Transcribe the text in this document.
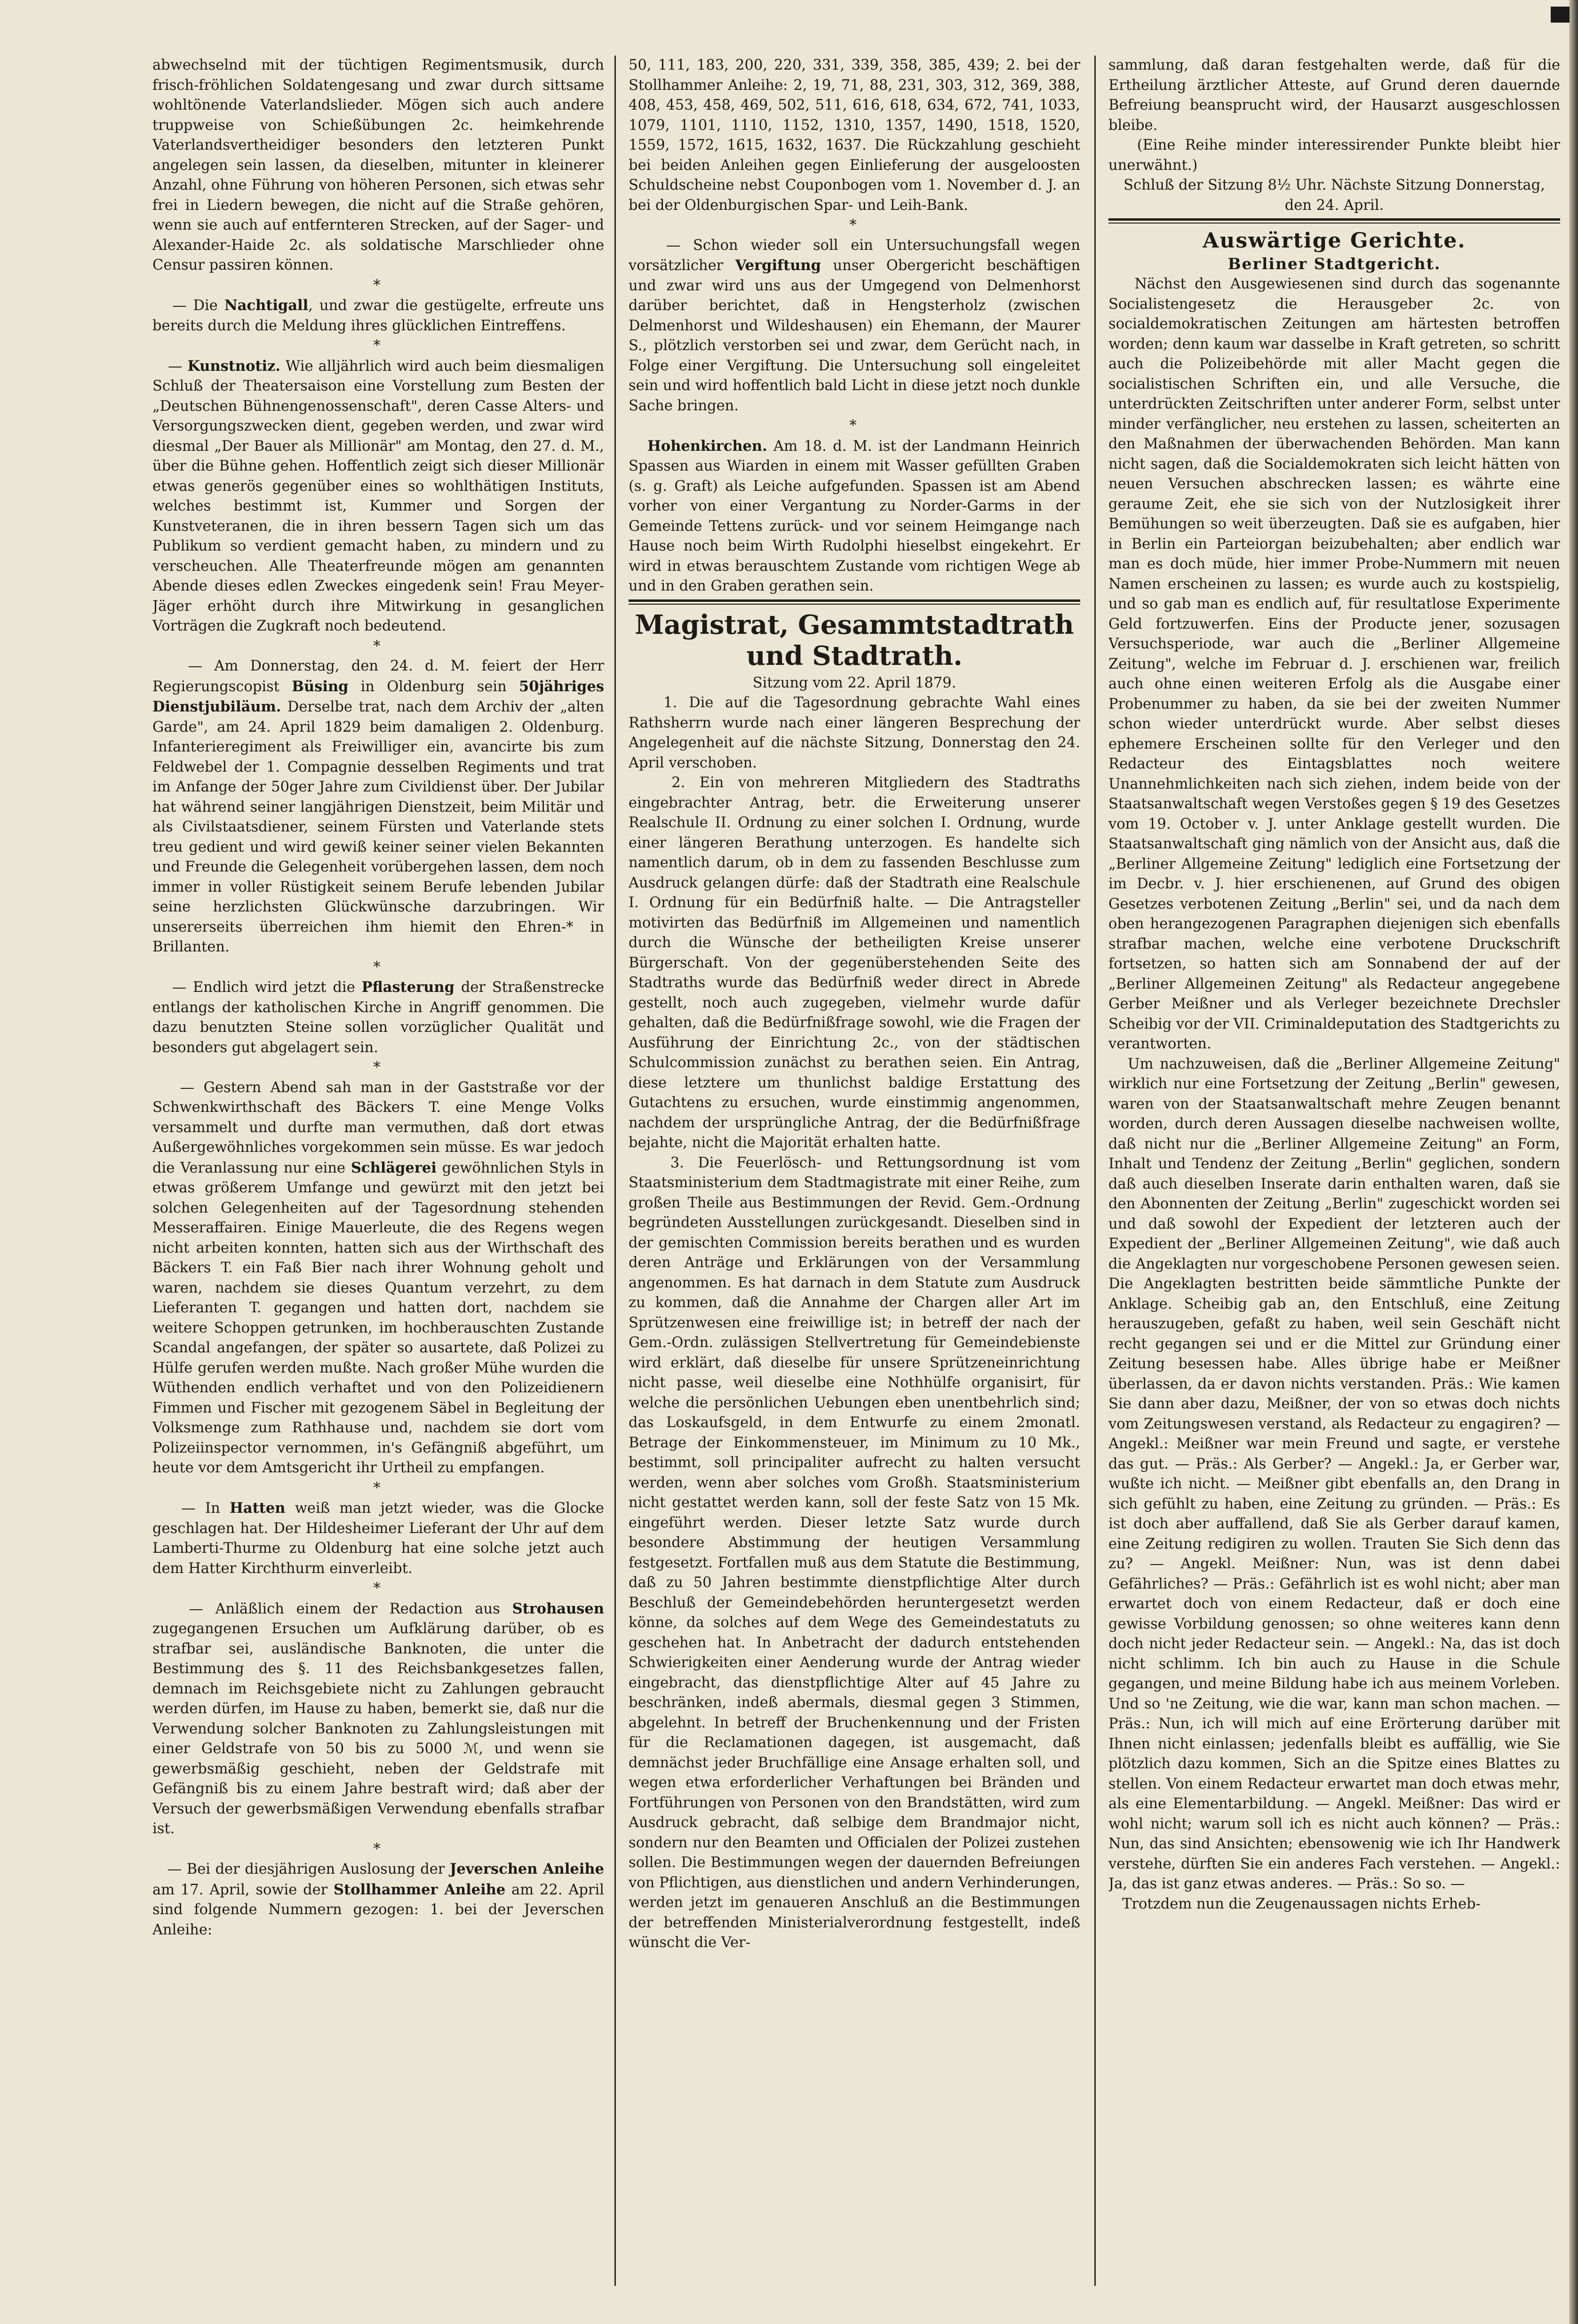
abwechselnd mit der tüchtigen Regimentsmusik, durch frisch-fröhlichen Soldatengesang und zwar durch sittsame wohltönende Vaterlandslieder. Mögen sich auch andere truppweise von Schießübungen 2c. heimkehrende Vaterlandsvertheidiger besonders den letzteren Punkt angelegen sein lassen, da dieselben, mitunter in kleinerer Anzahl, ohne Führung von höheren Personen, sich etwas sehr frei in Liedern bewegen, die nicht auf die Straße gehören, wenn sie auch auf entfernteren Strecken, auf der Sager- und Alexander-Haide 2c. als soldatische Marschlieder ohne Censur passiren können.

*

— Die Nachtigall, und zwar die gestügelte, erfreute uns bereits durch die Meldung ihres glücklichen Eintreffens.

*

— Kunstnotiz. Wie alljährlich wird auch beim diesmaligen Schluß der Theatersaison eine Vorstellung zum Besten der „Deutschen Bühnengenossenschaft", deren Casse Alters- und Versorgungszwecken dient, gegeben werden, und zwar wird diesmal „Der Bauer als Millionär" am Montag, den 27. d. M., über die Bühne gehen. Hoffentlich zeigt sich dieser Millionär etwas generös gegenüber eines so wohlthätigen Instituts, welches bestimmt ist, Kummer und Sorgen der Kunstveteranen, die in ihren bessern Tagen sich um das Publikum so verdient gemacht haben, zu mindern und zu verscheuchen. Alle Theaterfreunde mögen am genannten Abende dieses edlen Zweckes eingedenk sein! Frau Meyer-Jäger erhöht durch ihre Mitwirkung in gesanglichen Vorträgen die Zugkraft noch bedeutend.

*

— Am Donnerstag, den 24. d. M. feiert der Herr Regierungscopist Büsing in Oldenburg sein 50jähriges Dienstjubiläum. Derselbe trat, nach dem Archiv der „alten Garde", am 24. April 1829 beim damaligen 2. Oldenburg. Infanterieregiment als Freiwilliger ein, avancirte bis zum Feldwebel der 1. Compagnie desselben Regiments und trat im Anfange der 50ger Jahre zum Civildienst über. Der Jubilar hat während seiner langjährigen Dienstzeit, beim Militär und als Civilstaatsdiener, seinem Fürsten und Vaterlande stets treu gedient und wird gewiß keiner seiner vielen Bekannten und Freunde die Gelegenheit vorübergehen lassen, dem noch immer in voller Rüstigkeit seinem Berufe lebenden Jubilar seine herzlichsten Glückwünsche darzubringen. Wir unsererseits überreichen ihm hiemit den Ehren-* in Brillanten.

*

— Endlich wird jetzt die Pflasterung der Straßenstrecke entlangs der katholischen Kirche in Angriff genommen. Die dazu benutzten Steine sollen vorzüglicher Qualität und besonders gut abgelagert sein.

*

— Gestern Abend sah man in der Gaststraße vor der Schwenkwirthschaft des Bäckers T. eine Menge Volks versammelt und durfte man vermuthen, daß dort etwas Außergewöhnliches vorgekommen sein müsse. Es war jedoch die Veranlassung nur eine Schlägerei gewöhnlichen Styls in etwas größerem Umfange und gewürzt mit den jetzt bei solchen Gelegenheiten auf der Tagesordnung stehenden Messeraffairen. Einige Mauerleute, die des Regens wegen nicht arbeiten konnten, hatten sich aus der Wirthschaft des Bäckers T. ein Faß Bier nach ihrer Wohnung geholt und waren, nachdem sie dieses Quantum verzehrt, zu dem Lieferanten T. gegangen und hatten dort, nachdem sie weitere Schoppen getrunken, im hochberauschten Zustande Scandal angefangen, der später so ausartete, daß Polizei zu Hülfe gerufen werden mußte. Nach großer Mühe wurden die Wüthenden endlich verhaftet und von den Polizeidienern Fimmen und Fischer mit gezogenem Säbel in Begleitung der Volksmenge zum Rathhause und, nachdem sie dort vom Polizeiinspector vernommen, in's Gefängniß abgeführt, um heute vor dem Amtsgericht ihr Urtheil zu empfangen.

*

— In Hatten weiß man jetzt wieder, was die Glocke geschlagen hat. Der Hildesheimer Lieferant der Uhr auf dem Lamberti-Thurme zu Oldenburg hat eine solche jetzt auch dem Hatter Kirchthurm einverleibt.

*

— Anläßlich einem der Redaction aus Strohausen zugegangenen Ersuchen um Aufklärung darüber, ob es strafbar sei, ausländische Banknoten, die unter die Bestimmung des §. 11 des Reichsbankgesetzes fallen, demnach im Reichsgebiete nicht zu Zahlungen gebraucht werden dürfen, im Hause zu haben, bemerkt sie, daß nur die Verwendung solcher Banknoten zu Zahlungsleistungen mit einer Geldstrafe von 50 bis zu 5000 ℳ, und wenn sie gewerbsmäßig geschieht, neben der Geldstrafe mit Gefängniß bis zu einem Jahre bestraft wird; daß aber der Versuch der gewerbsmäßigen Verwendung ebenfalls strafbar ist.

*

— Bei der diesjährigen Auslosung der Jeverschen Anleihe am 17. April, sowie der Stollhammer Anleihe am 22. April sind folgende Nummern gezogen: 1. bei der Jeverschen Anleihe:

50, 111, 183, 200, 220, 331, 339, 358, 385, 439; 2. bei der Stollhammer Anleihe: 2, 19, 71, 88, 231, 303, 312, 369, 388, 408, 453, 458, 469, 502, 511, 616, 618, 634, 672, 741, 1033, 1079, 1101, 1110, 1152, 1310, 1357, 1490, 1518, 1520, 1559, 1572, 1615, 1632, 1637. Die Rückzahlung geschieht bei beiden Anleihen gegen Einlieferung der ausgeloosten Schuldscheine nebst Couponbogen vom 1. November d. J. an bei der Oldenburgischen Spar- und Leih-Bank.

*

— Schon wieder soll ein Untersuchungsfall wegen vorsätzlicher Vergiftung unser Obergericht beschäftigen und zwar wird uns aus der Umgegend von Delmenhorst darüber berichtet, daß in Hengsterholz (zwischen Delmenhorst und Wildeshausen) ein Ehemann, der Maurer S., plötzlich verstorben sei und zwar, dem Gerücht nach, in Folge einer Vergiftung. Die Untersuchung soll eingeleitet sein und wird hoffentlich bald Licht in diese jetzt noch dunkle Sache bringen.

*

Hohenkirchen. Am 18. d. M. ist der Landmann Heinrich Spassen aus Wiarden in einem mit Wasser gefüllten Graben (s. g. Graft) als Leiche aufgefunden. Spassen ist am Abend vorher von einer Vergantung zu Norder-Garms in der Gemeinde Tettens zurück- und vor seinem Heimgange nach Hause noch beim Wirth Rudolphi hieselbst eingekehrt. Er wird in etwas berauschtem Zustande vom richtigen Wege ab und in den Graben gerathen sein.

Magistrat, Gesammtstadtrath und Stadtrath.

Sitzung vom 22. April 1879.

1. Die auf die Tagesordnung gebrachte Wahl eines Rathsherrn wurde nach einer längeren Besprechung der Angelegenheit auf die nächste Sitzung, Donnerstag den 24. April verschoben.

2. Ein von mehreren Mitgliedern des Stadtraths eingebrachter Antrag, betr. die Erweiterung unserer Realschule II. Ordnung zu einer solchen I. Ordnung, wurde einer längeren Berathung unterzogen. Es handelte sich namentlich darum, ob in dem zu fassenden Beschlusse zum Ausdruck gelangen dürfe: daß der Stadtrath eine Realschule I. Ordnung für ein Bedürfniß halte. — Die Antragsteller motivirten das Bedürfniß im Allgemeinen und namentlich durch die Wünsche der betheiligten Kreise unserer Bürgerschaft. Von der gegenüberstehenden Seite des Stadtraths wurde das Bedürfniß weder direct in Abrede gestellt, noch auch zugegeben, vielmehr wurde dafür gehalten, daß die Bedürfnißfrage sowohl, wie die Fragen der Ausführung der Einrichtung 2c., von der städtischen Schulcommission zunächst zu berathen seien. Ein Antrag, diese letztere um thunlichst baldige Erstattung des Gutachtens zu ersuchen, wurde einstimmig angenommen, nachdem der ursprüngliche Antrag, der die Bedürfnißfrage bejahte, nicht die Majorität erhalten hatte.

3. Die Feuerlösch- und Rettungsordnung ist vom Staatsministerium dem Stadtmagistrate mit einer Reihe, zum großen Theile aus Bestimmungen der Revid. Gem.-Ordnung begründeten Ausstellungen zurückgesandt. Dieselben sind in der gemischten Commission bereits berathen und es wurden deren Anträge und Erklärungen von der Versammlung angenommen. Es hat darnach in dem Statute zum Ausdruck zu kommen, daß die Annahme der Chargen aller Art im Sprützenwesen eine freiwillige ist; in betreff der nach der Gem.-Ordn. zulässigen Stellvertretung für Gemeindebienste wird erklärt, daß dieselbe für unsere Sprützeneinrichtung nicht passe, weil dieselbe eine Nothhülfe organisirt, für welche die persönlichen Uebungen eben unentbehrlich sind; das Loskaufsgeld, in dem Entwurfe zu einem 2monatl. Betrage der Einkommensteuer, im Minimum zu 10 Mk., bestimmt, soll principaliter aufrecht zu halten versucht werden, wenn aber solches vom Großh. Staatsministerium nicht gestattet werden kann, soll der feste Satz von 15 Mk. eingeführt werden. Dieser letzte Satz wurde durch besondere Abstimmung der heutigen Versammlung festgesetzt. Fortfallen muß aus dem Statute die Bestimmung, daß zu 50 Jahren bestimmte dienstpflichtige Alter durch Beschluß der Gemeindebehörden heruntergesetzt werden könne, da solches auf dem Wege des Gemeindestatuts zu geschehen hat. In Anbetracht der dadurch entstehenden Schwierigkeiten einer Aenderung wurde der Antrag wieder eingebracht, das dienstpflichtige Alter auf 45 Jahre zu beschränken, indeß abermals, diesmal gegen 3 Stimmen, abgelehnt. In betreff der Bruchenkennung und der Fristen für die Reclamationen dagegen, ist ausgemacht, daß demnächst jeder Bruchfällige eine Ansage erhalten soll, und wegen etwa erforderlicher Verhaftungen bei Bränden und Fortführungen von Personen von den Brandstätten, wird zum Ausdruck gebracht, daß selbige dem Brandmajor nicht, sondern nur den Beamten und Officialen der Polizei zustehen sollen. Die Bestimmungen wegen der dauernden Befreiungen von Pflichtigen, aus dienstlichen und andern Verhinderungen, werden jetzt im genaueren Anschluß an die Bestimmungen der betreffenden Ministerialverordnung festgestellt, indeß wünscht die Ver-

sammlung, daß daran festgehalten werde, daß für die Ertheilung ärztlicher Atteste, auf Grund deren dauernde Befreiung beansprucht wird, der Hausarzt ausgeschlossen bleibe.

(Eine Reihe minder interessirender Punkte bleibt hier unerwähnt.)

Schluß der Sitzung 8½ Uhr. Nächste Sitzung Donnerstag, den 24. April.

Auswärtige Gerichte.
Berliner Stadtgericht.

Nächst den Ausgewiesenen sind durch das sogenannte Socialistengesetz die Herausgeber 2c. von socialdemokratischen Zeitungen am härtesten betroffen worden; denn kaum war dasselbe in Kraft getreten, so schritt auch die Polizeibehörde mit aller Macht gegen die socialistischen Schriften ein, und alle Versuche, die unterdrückten Zeitschriften unter anderer Form, selbst unter minder verfänglicher, neu erstehen zu lassen, scheiterten an den Maßnahmen der überwachenden Behörden. Man kann nicht sagen, daß die Socialdemokraten sich leicht hätten von neuen Versuchen abschrecken lassen; es währte eine geraume Zeit, ehe sie sich von der Nutzlosigkeit ihrer Bemühungen so weit überzeugten. Daß sie es aufgaben, hier in Berlin ein Parteiorgan beizubehalten; aber endlich war man es doch müde, hier immer Probe-Nummern mit neuen Namen erscheinen zu lassen; es wurde auch zu kostspielig, und so gab man es endlich auf, für resultatlose Experimente Geld fortzuwerfen. Eins der Producte jener, sozusagen Versuchsperiode, war auch die „Berliner Allgemeine Zeitung", welche im Februar d. J. erschienen war, freilich auch ohne einen weiteren Erfolg als die Ausgabe einer Probenummer zu haben, da sie bei der zweiten Nummer schon wieder unterdrückt wurde. Aber selbst dieses ephemere Erscheinen sollte für den Verleger und den Redacteur des Eintagsblattes noch weitere Unannehmlichkeiten nach sich ziehen, indem beide von der Staatsanwaltschaft wegen Verstoßes gegen § 19 des Gesetzes vom 19. October v. J. unter Anklage gestellt wurden. Die Staatsanwaltschaft ging nämlich von der Ansicht aus, daß die „Berliner Allgemeine Zeitung" lediglich eine Fortsetzung der im Decbr. v. J. hier erschienenen, auf Grund des obigen Gesetzes verbotenen Zeitung „Berlin" sei, und da nach dem oben herangezogenen Paragraphen diejenigen sich ebenfalls strafbar machen, welche eine verbotene Druckschrift fortsetzen, so hatten sich am Sonnabend der auf der „Berliner Allgemeinen Zeitung" als Redacteur angegebene Gerber Meißner und als Verleger bezeichnete Drechsler Scheibig vor der VII. Criminaldeputation des Stadtgerichts zu verantworten.

Um nachzuweisen, daß die „Berliner Allgemeine Zeitung" wirklich nur eine Fortsetzung der Zeitung „Berlin" gewesen, waren von der Staatsanwaltschaft mehre Zeugen benannt worden, durch deren Aussagen dieselbe nachweisen wollte, daß nicht nur die „Berliner Allgemeine Zeitung" an Form, Inhalt und Tendenz der Zeitung „Berlin" geglichen, sondern daß auch dieselben Inserate darin enthalten waren, daß sie den Abonnenten der Zeitung „Berlin" zugeschickt worden sei und daß sowohl der Expedient der letzteren auch der Expedient der „Berliner Allgemeinen Zeitung", wie daß auch die Angeklagten nur vorgeschobene Personen gewesen seien. Die Angeklagten bestritten beide sämmtliche Punkte der Anklage. Scheibig gab an, den Entschluß, eine Zeitung herauszugeben, gefaßt zu haben, weil sein Geschäft nicht recht gegangen sei und er die Mittel zur Gründung einer Zeitung besessen habe. Alles übrige habe er Meißner überlassen, da er davon nichts verstanden. Präs.: Wie kamen Sie dann aber dazu, Meißner, der von so etwas doch nichts vom Zeitungswesen verstand, als Redacteur zu engagiren? — Angekl.: Meißner war mein Freund und sagte, er verstehe das gut. — Präs.: Als Gerber? — Angekl.: Ja, er Gerber war, wußte ich nicht. — Meißner gibt ebenfalls an, den Drang in sich gefühlt zu haben, eine Zeitung zu gründen. — Präs.: Es ist doch aber auffallend, daß Sie als Gerber darauf kamen, eine Zeitung redigiren zu wollen. Trauten Sie Sich denn das zu? — Angekl. Meißner: Nun, was ist denn dabei Gefährliches? — Präs.: Gefährlich ist es wohl nicht; aber man erwartet doch von einem Redacteur, daß er doch eine gewisse Vorbildung genossen; so ohne weiteres kann denn doch nicht jeder Redacteur sein. — Angekl.: Na, das ist doch nicht schlimm. Ich bin auch zu Hause in die Schule gegangen, und meine Bildung habe ich aus meinem Vorleben. Und so 'ne Zeitung, wie die war, kann man schon machen. — Präs.: Nun, ich will mich auf eine Erörterung darüber mit Ihnen nicht einlassen; jedenfalls bleibt es auffällig, wie Sie plötzlich dazu kommen, Sich an die Spitze eines Blattes zu stellen. Von einem Redacteur erwartet man doch etwas mehr, als eine Elementarbildung. — Angekl. Meißner: Das wird er wohl nicht; warum soll ich es nicht auch können? — Präs.: Nun, das sind Ansichten; ebensowenig wie ich Ihr Handwerk verstehe, dürften Sie ein anderes Fach verstehen. — Angekl.: Ja, das ist ganz etwas anderes. — Präs.: So so. —

Trotzdem nun die Zeugenaussagen nichts Erheb-
